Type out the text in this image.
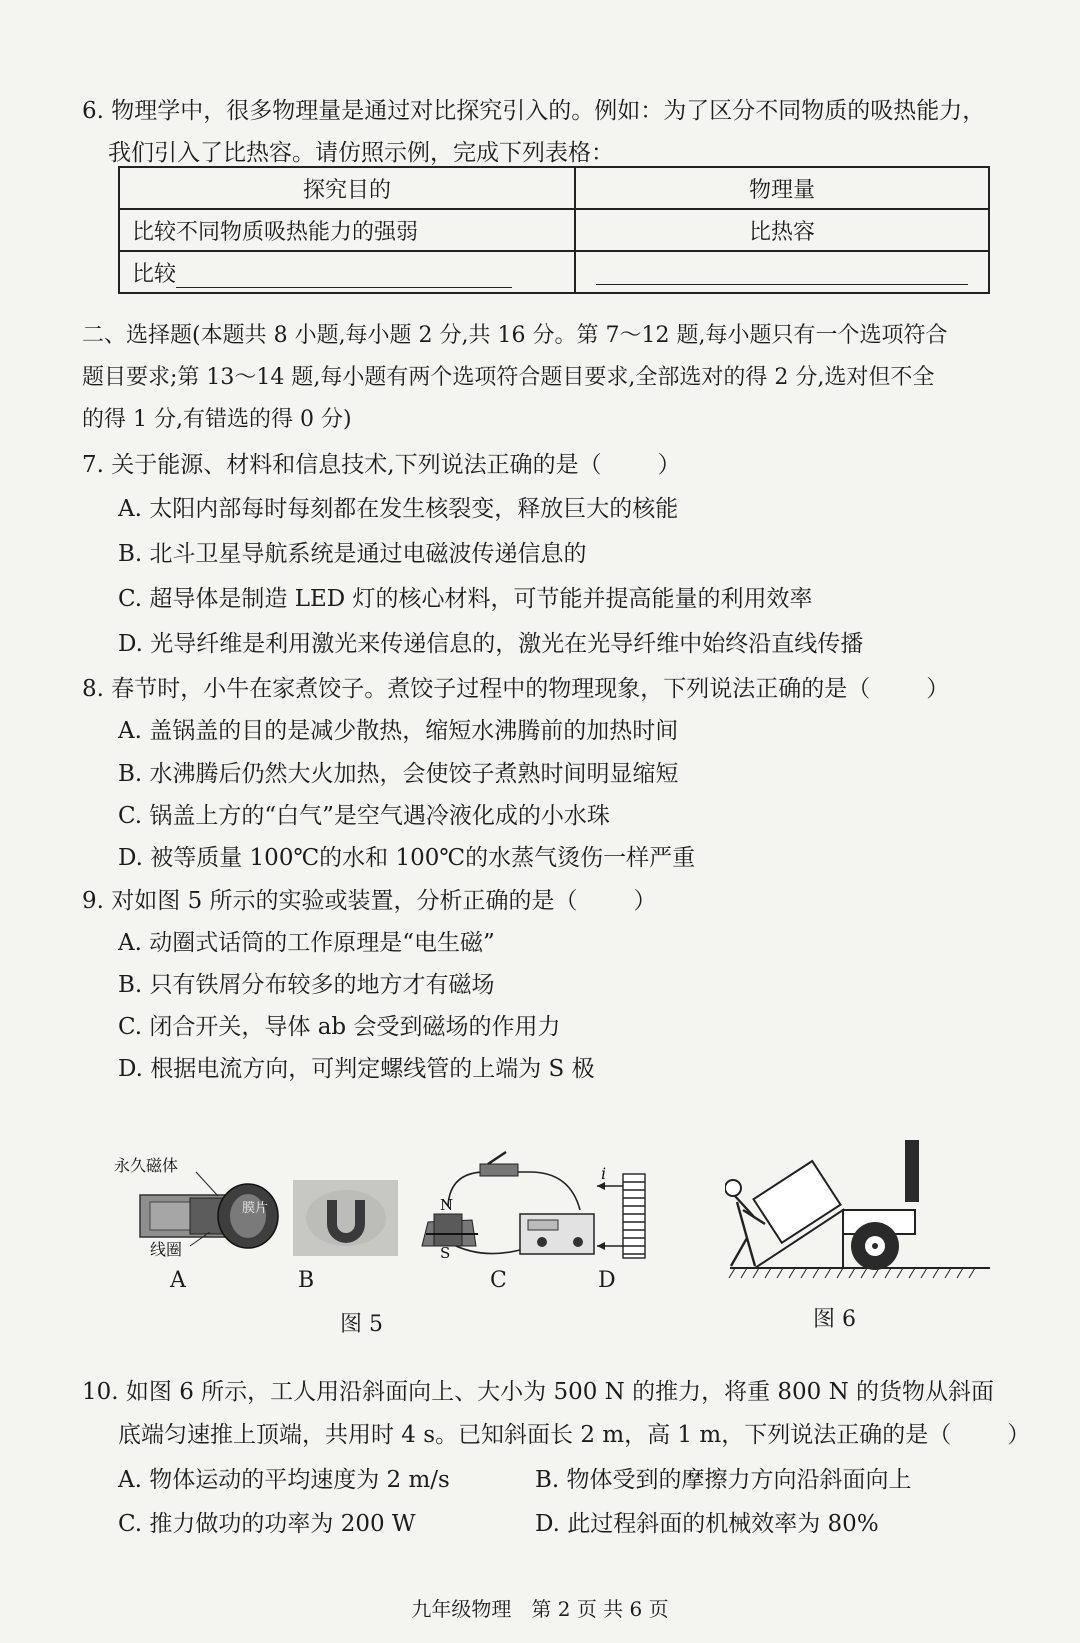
6. 物理学中，很多物理量是通过对比探究引入的。例如：为了区分不同物质的吸热能力，
我们引入了比热容。请仿照示例，完成下列表格：
探究目的	物理量
比较不同物质吸热能力的强弱	比热容
比较	
二、选择题(本题共 8 小题,每小题 2 分,共 16 分。第 7～12 题,每小题只有一个选项符合
题目要求;第 13～14 题,每小题有两个选项符合题目要求,全部选对的得 2 分,选对但不全
的得 1 分,有错选的得 0 分)
7. 关于能源、材料和信息技术,下列说法正确的是（ ）
A. 太阳内部每时每刻都在发生核裂变，释放巨大的核能
B. 北斗卫星导航系统是通过电磁波传递信息的
C. 超导体是制造 LED 灯的核心材料，可节能并提高能量的利用效率
D. 光导纤维是利用激光来传递信息的，激光在光导纤维中始终沿直线传播
8. 春节时，小牛在家煮饺子。煮饺子过程中的物理现象，下列说法正确的是（ ）
A. 盖锅盖的目的是减少散热，缩短水沸腾前的加热时间
B. 水沸腾后仍然大火加热，会使饺子煮熟时间明显缩短
C. 锅盖上方的“白气”是空气遇冷液化成的小水珠
D. 被等质量 100℃的水和 100℃的水蒸气烫伤一样严重
9. 对如图 5 所示的实验或装置，分析正确的是（ ）
A. 动圈式话筒的工作原理是“电生磁”
B. 只有铁屑分布较多的地方才有磁场
C. 闭合开关，导体 ab 会受到磁场的作用力
D. 根据电流方向，可判定螺线管的上端为 S 极
永久磁体
线圈
膜片
A	B
N
S
C
i
D
图 5	图 6
10. 如图 6 所示，工人用沿斜面向上、大小为 500 N 的推力，将重 800 N 的货物从斜面
底端匀速推上顶端，共用时 4 s。已知斜面长 2 m，高 1 m，下列说法正确的是（ ）
A. 物体运动的平均速度为 2 m/s	B. 物体受到的摩擦力方向沿斜面向上
C. 推力做功的功率为 200 W	D. 此过程斜面的机械效率为 80%
九年级物理　第 2 页 共 6 页
